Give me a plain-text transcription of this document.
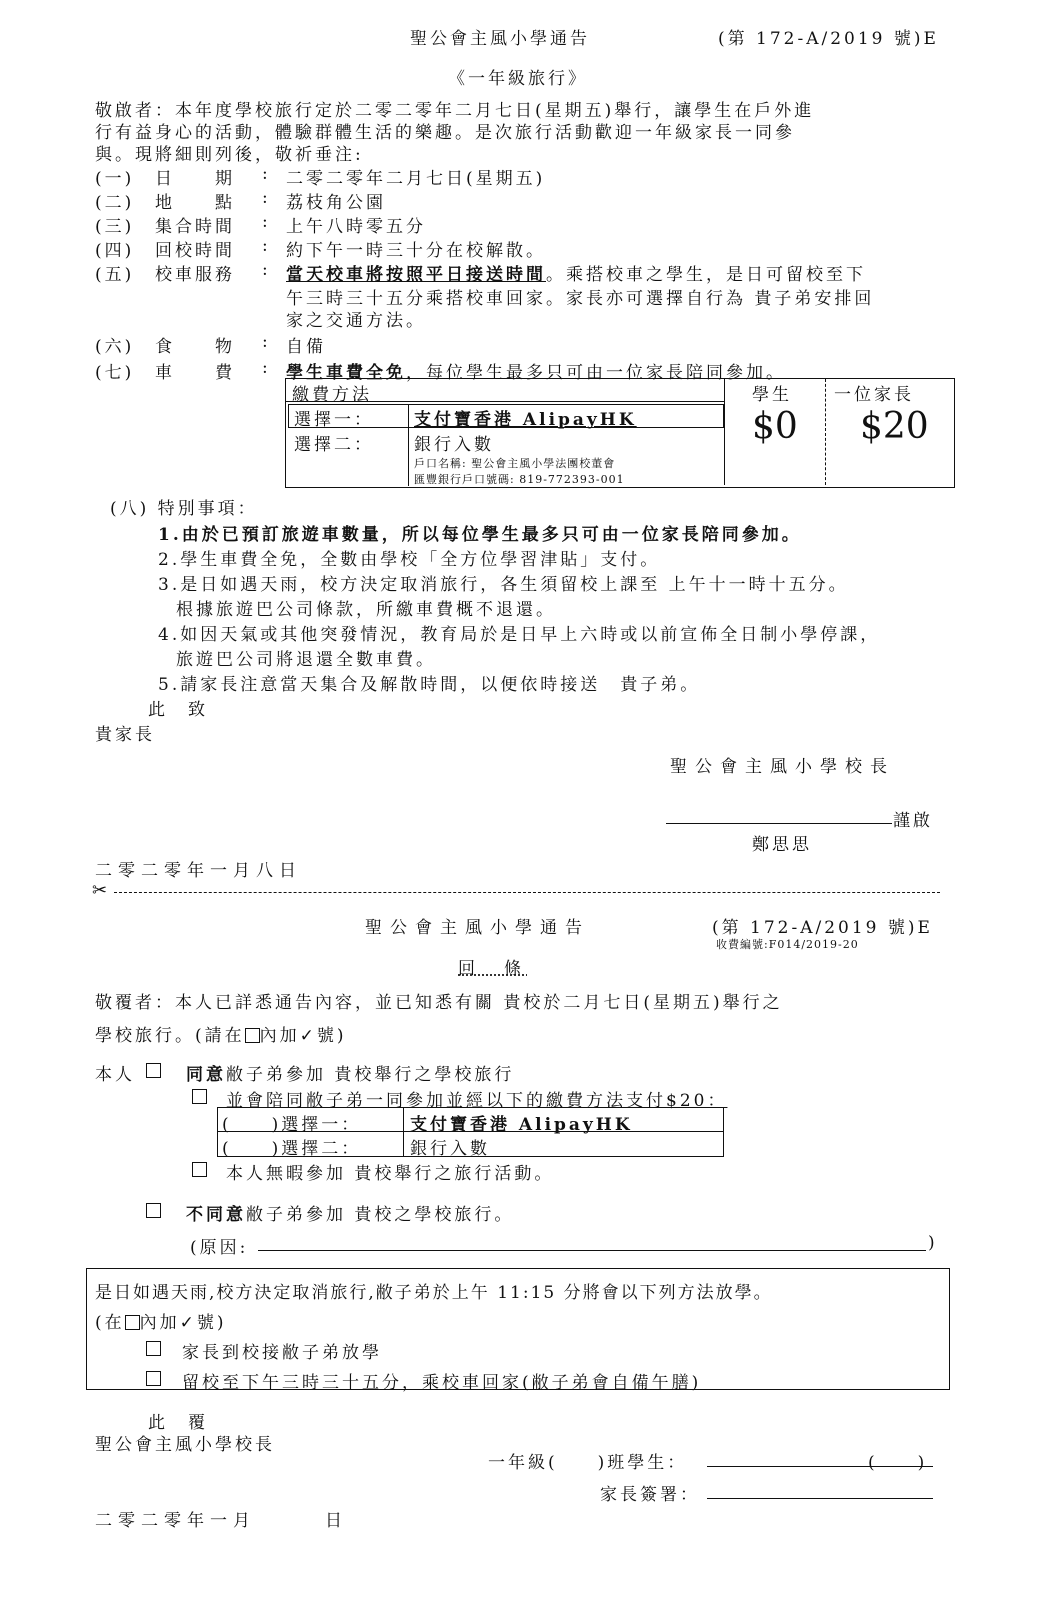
聖公會主風小學通告	(第 172-A/2019 號)E
《一年級旅行》
敬啟者：本年度學校旅行定於二零二零年二月七日(星期五)舉行，讓學生在戶外進
行有益身心的活動，體驗群體生活的樂趣。是次旅行活動歡迎一年級家長一同參
與。現將細則列後，敬祈垂注:
(一) 日　　期 : 二零二零年二月七日(星期五)
(二) 地　　點 : 荔枝角公園
(三) 集合時間 : 上午八時零五分
(四) 回校時間 : 約下午一時三十分在校解散。
(五) 校車服務 : 當天校車將按照平日接送時間。乘搭校車之學生，是日可留校至下
午三時三十五分乘搭校車回家。家長亦可選擇自行為 貴子弟安排回
家之交通方法。
(六) 食　　物 : 自備
(七) 車　　費 : 學生車費全免，每位學生最多只可由一位家長陪同參加。
繳費方法	學生 一位家長
$0 $20
選擇一： 支付寶香港 AlipayHK
選擇二： 銀行入數
戶口名稱: 聖公會主風小學法團校董會
匯豐銀行戶口號碼: 819-772393-001
(八) 特別事項：
1.由於已預訂旅遊車數量，所以每位學生最多只可由一位家長陪同參加。
2.學生車費全免，全數由學校「全方位學習津貼」支付。
3.是日如遇天雨，校方決定取消旅行，各生須留校上課至 上午十一時十五分。
根據旅遊巴公司條款，所繳車費概不退還。
4.如因天氣或其他突發情況，教育局於是日早上六時或以前宣佈全日制小學停課，
旅遊巴公司將退還全數車費。
5.請家長注意當天集合及解散時間，以便依時接送　貴子弟。
此　致
貴家長
聖公會主風小學校長
謹啟
鄭思思
二零二零年一月八日
✂
聖公會主風小學通告	(第 172-A/2019 號)E
收費編號:F014/2019-20
回　條
敬覆者：本人已詳悉通告內容，並已知悉有關 貴校於二月七日(星期五)舉行之
學校旅行。(請在 內加✓號)
本人	同意敝子弟參加 貴校舉行之學校旅行
並會陪同敝子弟一同參加並經以下的繳費方法支付$20：
(　　)選擇一：	支付寶香港 AlipayHK
(　　)選擇二：	銀行入數
本人無暇參加 貴校舉行之旅行活動。
不同意敝子弟參加 貴校之學校旅行。
(原因:	)
是日如遇天雨,校方決定取消旅行,敝子弟於上午 11:15 分將會以下列方法放學。
(在 內加✓號)
家長到校接敝子弟放學
留校至下午三時三十五分，乘校車回家(敝子弟會自備午膳)
此　覆
聖公會主風小學校長
一年級(　　)班學生：	(　　)
家長簽署：
二零二零年一月　　　日
